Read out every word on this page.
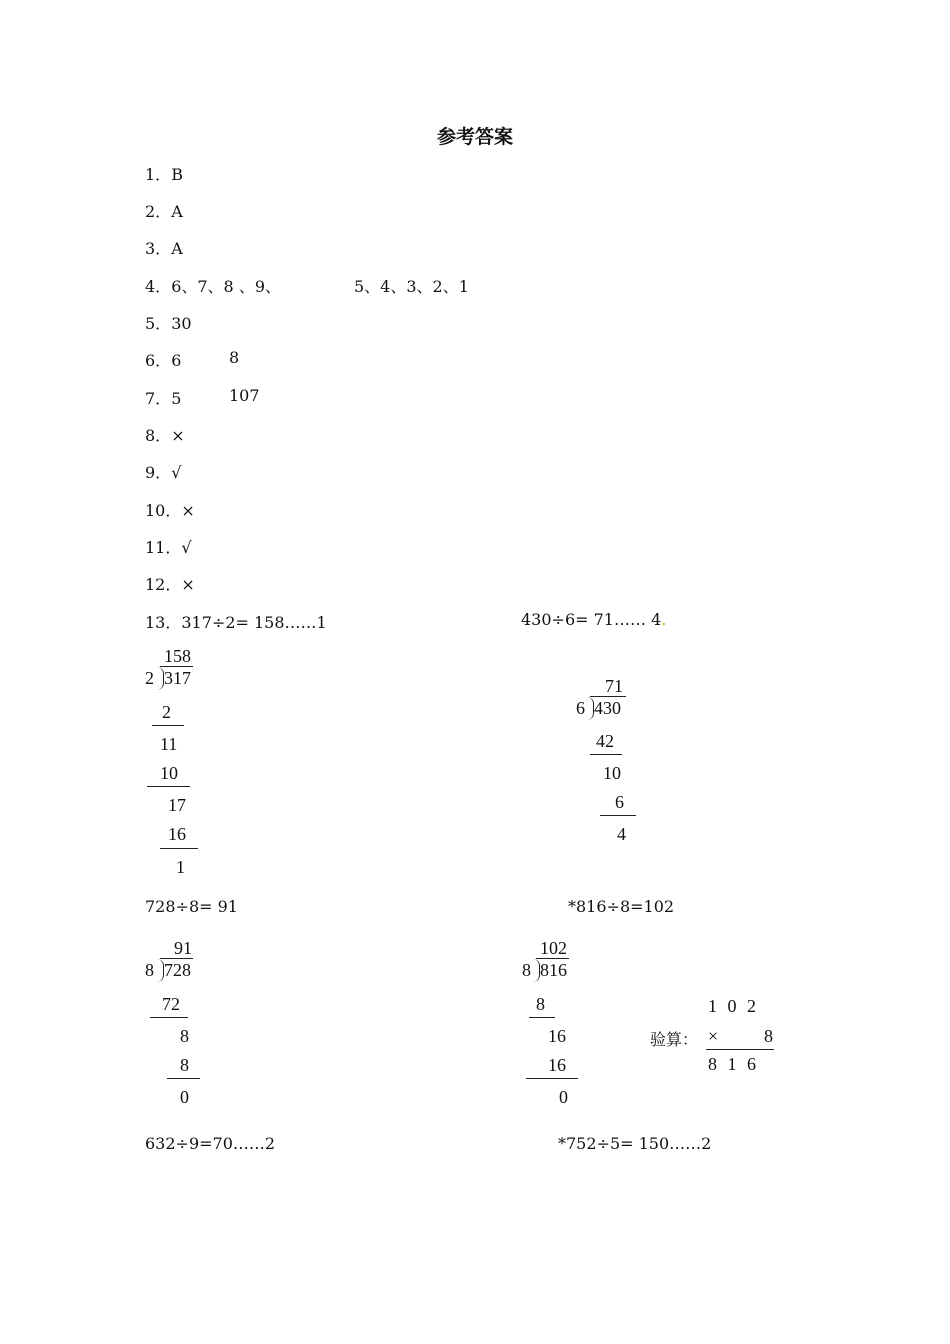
参考答案
1．B
2．A
3．A
4．6、7、8 、9、	5、4、3、2、1
5．30
6．6	8
7．5	107
8．×
9．√
10．×
11．√
12．×
13．317÷2= 158……1	430÷6= 71…… 4.
158
2 317
2
11
10
17
16
1
71
6 430
42
10
6
4
728÷8= 91	*816÷8=102
91
8 728
72
8
8
0
102
8 816
8
16
16
0
1 0 2
验算： ×	8
8 1 6
632÷9=70……2	*752÷5= 150……2
